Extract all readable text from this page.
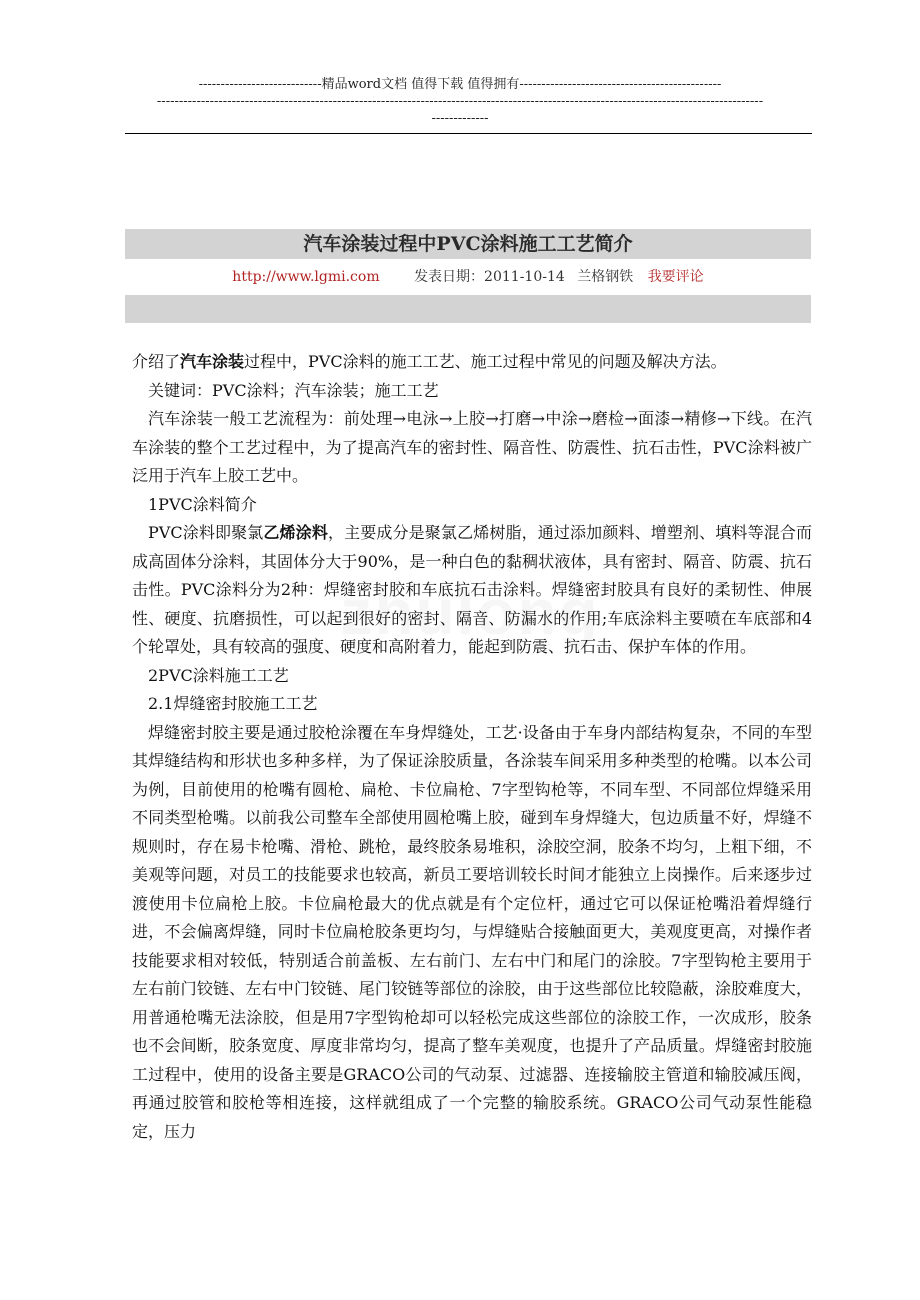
----------------------------精品word文档 值得下载 值得拥有----------------------------------------------
------------------------------------------------------------------------------------------------------------------------------------------
-------------
汽车涂装过程中PVC涂料施工工艺简介
http://www.lgmi.com 发表日期：2011-10-14 兰格钢铁 我要评论

介绍了汽车涂装过程中，PVC涂料的施工工艺、施工过程中常见的问题及解决方法。

关键词：PVC涂料；汽车涂装；施工工艺

汽车涂装一般工艺流程为：前处理→电泳→上胶→打磨→中涂→磨检→面漆→精修→下线。在汽车涂装的整个工艺过程中，为了提高汽车的密封性、隔音性、防震性、抗石击性，PVC涂料被广泛用于汽车上胶工艺中。

1PVC涂料简介

PVC涂料即聚氯乙烯涂料，主要成分是聚氯乙烯树脂，通过添加颜料、增塑剂、填料等混合而成高固体分涂料，其固体分大于90%，是一种白色的黏稠状液体，具有密封、隔音、防震、抗石击性。PVC涂料分为2种：焊缝密封胶和车底抗石击涂料。焊缝密封胶具有良好的柔韧性、伸展性、硬度、抗磨损性，可以起到很好的密封、隔音、防漏水的作用;车底涂料主要喷在车底部和4个轮罩处，具有较高的强度、硬度和高附着力，能起到防震、抗石击、保护车体的作用。

2PVC涂料施工工艺

2.1焊缝密封胶施工工艺

焊缝密封胶主要是通过胶枪涂覆在车身焊缝处，工艺·设备由于车身内部结构复杂，不同的车型其焊缝结构和形状也多种多样，为了保证涂胶质量，各涂装车间采用多种类型的枪嘴。以本公司为例，目前使用的枪嘴有圆枪、扁枪、卡位扁枪、7字型钩枪等，不同车型、不同部位焊缝采用不同类型枪嘴。以前我公司整车全部使用圆枪嘴上胶，碰到车身焊缝大，包边质量不好，焊缝不规则时，存在易卡枪嘴、滑枪、跳枪，最终胶条易堆积，涂胶空洞，胶条不均匀，上粗下细，不美观等问题，对员工的技能要求也较高，新员工要培训较长时间才能独立上岗操作。后来逐步过渡使用卡位扁枪上胶。卡位扁枪最大的优点就是有个定位杆，通过它可以保证枪嘴沿着焊缝行进，不会偏离焊缝，同时卡位扁枪胶条更均匀，与焊缝贴合接触面更大，美观度更高，对操作者技能要求相对较低，特别适合前盖板、左右前门、左右中门和尾门的涂胶。7字型钩枪主要用于左右前门铰链、左右中门铰链、尾门铰链等部位的涂胶，由于这些部位比较隐蔽，涂胶难度大，用普通枪嘴无法涂胶，但是用7字型钩枪却可以轻松完成这些部位的涂胶工作，一次成形，胶条也不会间断，胶条宽度、厚度非常均匀，提高了整车美观度，也提升了产品质量。焊缝密封胶施工过程中，使用的设备主要是GRACO公司的气动泵、过滤器、连接输胶主管道和输胶减压阀，再通过胶管和胶枪等相连接，这样就组成了一个完整的输胶系统。GRACO公司气动泵性能稳定，压力
